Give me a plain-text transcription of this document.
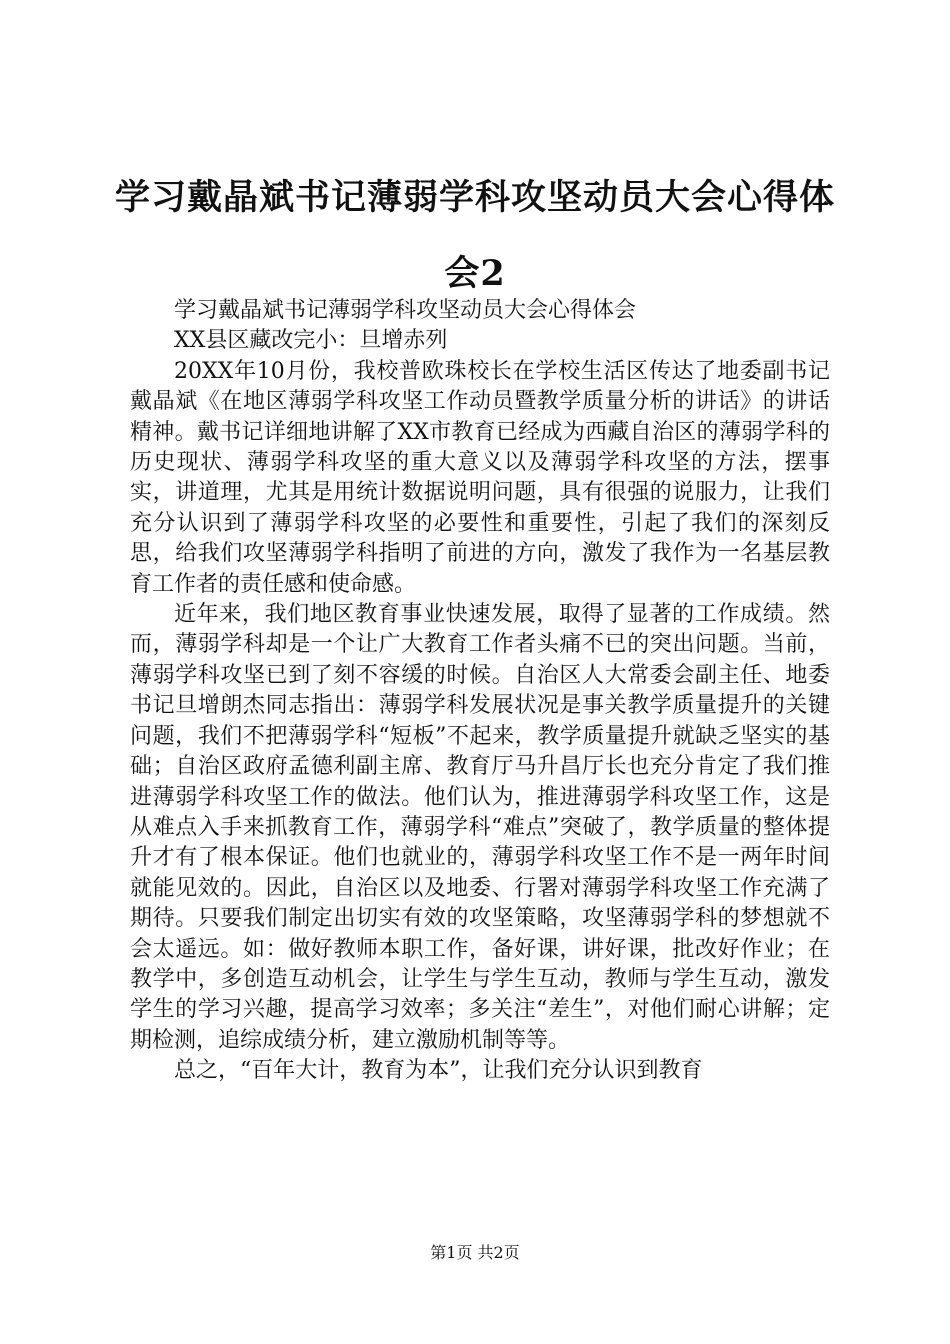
学习戴晶斌书记薄弱学科攻坚动员大会心得体会2

学习戴晶斌书记薄弱学科攻坚动员大会心得体会

XX县区藏改完小：旦增赤列

20XX年10月份，我校普欧珠校长在学校生活区传达了地委副书记戴晶斌《在地区薄弱学科攻坚工作动员暨教学质量分析的讲话》的讲话精神。戴书记详细地讲解了XX市教育已经成为西藏自治区的薄弱学科的历史现状、薄弱学科攻坚的重大意义以及薄弱学科攻坚的方法，摆事实，讲道理，尤其是用统计数据说明问题，具有很强的说服力，让我们充分认识到了薄弱学科攻坚的必要性和重要性，引起了我们的深刻反思，给我们攻坚薄弱学科指明了前进的方向，激发了我作为一名基层教育工作者的责任感和使命感。

近年来，我们地区教育事业快速发展，取得了显著的工作成绩。然而，薄弱学科却是一个让广大教育工作者头痛不已的突出问题。当前，薄弱学科攻坚已到了刻不容缓的时候。自治区人大常委会副主任、地委书记旦增朗杰同志指出：薄弱学科发展状况是事关教学质量提升的关键问题，我们不把薄弱学科“短板”不起来，教学质量提升就缺乏坚实的基础；自治区政府孟德利副主席、教育厅马升昌厅长也充分肯定了我们推进薄弱学科攻坚工作的做法。他们认为，推进薄弱学科攻坚工作，这是从难点入手来抓教育工作，薄弱学科“难点”突破了，教学质量的整体提升才有了根本保证。他们也就业的，薄弱学科攻坚工作不是一两年时间就能见效的。因此，自治区以及地委、行署对薄弱学科攻坚工作充满了期待。只要我们制定出切实有效的攻坚策略，攻坚薄弱学科的梦想就不会太遥远。如：做好教师本职工作，备好课，讲好课，批改好作业；在教学中，多创造互动机会，让学生与学生互动，教师与学生互动，激发学生的学习兴趣，提高学习效率；多关注“差生”，对他们耐心讲解；定期检测，追综成绩分析，建立激励机制等等。

总之，“百年大计，教育为本”，让我们充分认识到教育

第1页 共2页
